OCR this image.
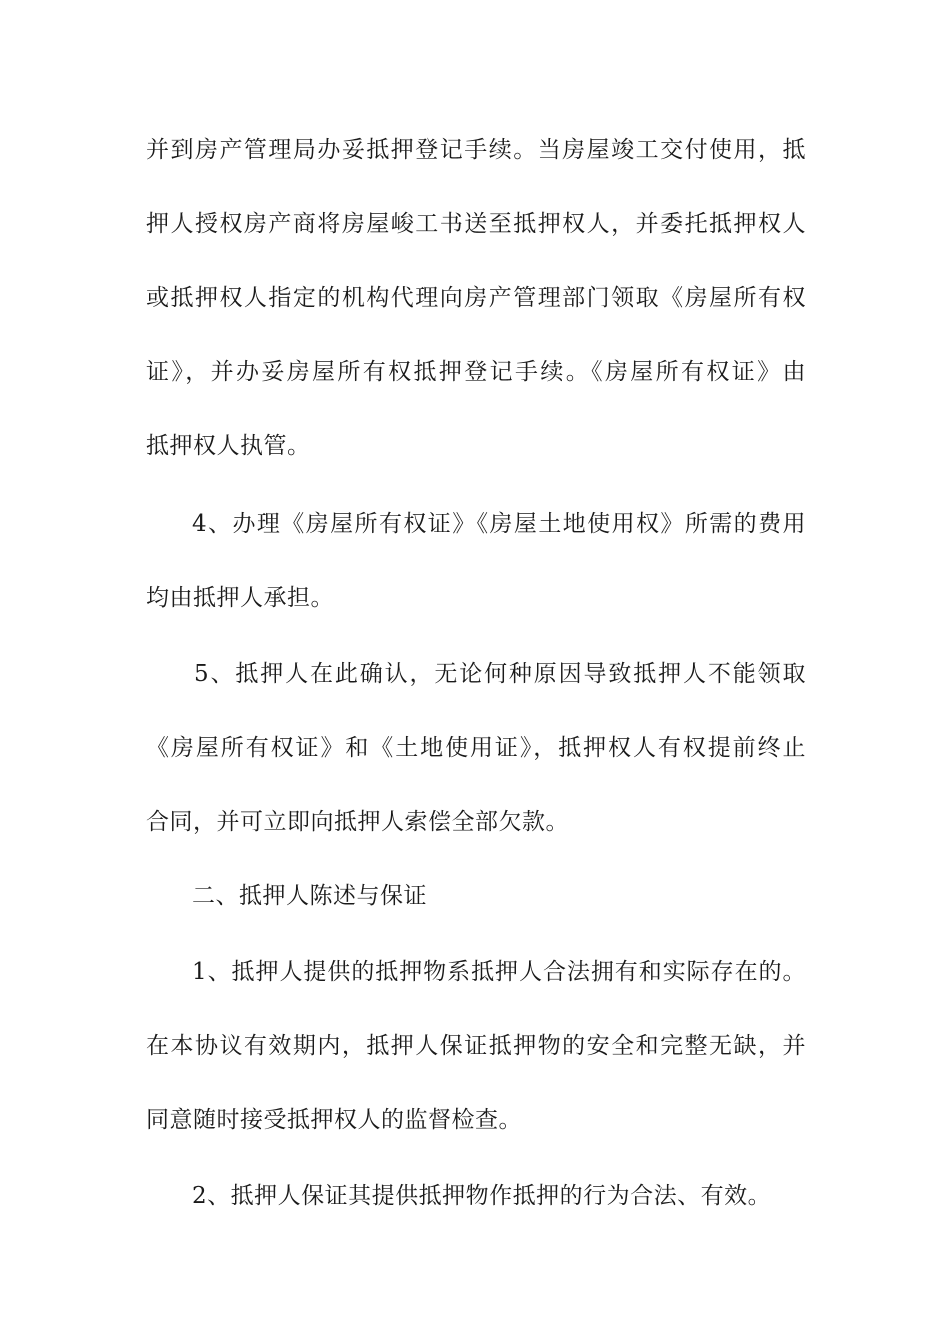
并到房产管理局办妥抵押登记手续。当房屋竣工交付使用，抵
押人授权房产商将房屋峻工书送至抵押权人，并委托抵押权人
或抵押权人指定的机构代理向房产管理部门领取《房屋所有权
证》，并办妥房屋所有权抵押登记手续。《房屋所有权证》由
抵押权人执管。
4、办理《房屋所有权证》《房屋土地使用权》所需的费用
均由抵押人承担。
5、抵押人在此确认，无论何种原因导致抵押人不能领取
《房屋所有权证》和《土地使用证》，抵押权人有权提前终止
合同，并可立即向抵押人索偿全部欠款。
二、抵押人陈述与保证
1、抵押人提供的抵押物系抵押人合法拥有和实际存在的。
在本协议有效期内，抵押人保证抵押物的安全和完整无缺，并
同意随时接受抵押权人的监督检查。
2、抵押人保证其提供抵押物作抵押的行为合法、有效。
